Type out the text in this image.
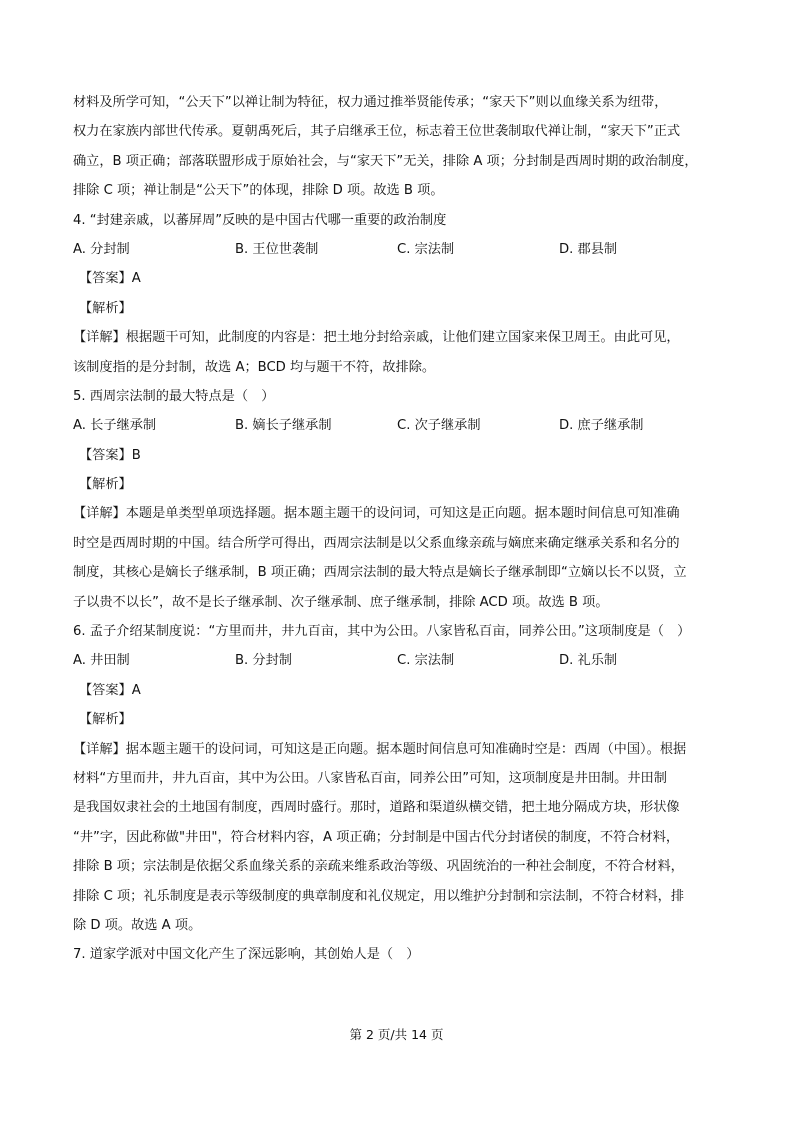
材料及所学可知，“公天下”以禅让制为特征，权力通过推举贤能传承；“家天下”则以血缘关系为纽带，
权力在家族内部世代传承。夏朝禹死后，其子启继承王位，标志着王位世袭制取代禅让制，“家天下”正式
确立，B 项正确；部落联盟形成于原始社会，与“家天下”无关，排除 A 项；分封制是西周时期的政治制度，
排除 C 项；禅让制是“公天下”的体现，排除 D 项。故选 B 项。
4. “封建亲戚，以蕃屏周”反映的是中国古代哪一重要的政治制度
A. 分封制	B. 王位世袭制	C. 宗法制	D. 郡县制
【答案】A
【解析】
【详解】根据题干可知，此制度的内容是：把土地分封给亲戚，让他们建立国家来保卫周王。由此可见，
该制度指的是分封制，故选 A；BCD 均与题干不符，故排除。
5. 西周宗法制的最大特点是（　）
A. 长子继承制	B. 嫡长子继承制	C. 次子继承制	D. 庶子继承制
【答案】B
【解析】
【详解】本题是单类型单项选择题。据本题主题干的设问词，可知这是正向题。据本题时间信息可知准确
时空是西周时期的中国。结合所学可得出，西周宗法制是以父系血缘亲疏与嫡庶来确定继承关系和名分的
制度，其核心是嫡长子继承制，B 项正确；西周宗法制的最大特点是嫡长子继承制即“立嫡以长不以贤，立
子以贵不以长”，故不是长子继承制、次子继承制、庶子继承制，排除 ACD 项。故选 B 项。
6. 孟子介绍某制度说：“方里而井，井九百亩，其中为公田。八家皆私百亩，同养公田。”这项制度是（　）
A. 井田制	B. 分封制	C. 宗法制	D. 礼乐制
【答案】A
【解析】
【详解】据本题主题干的设问词，可知这是正向题。据本题时间信息可知准确时空是：西周（中国）。根据
材料“方里而井，井九百亩，其中为公田。八家皆私百亩，同养公田”可知，这项制度是井田制。井田制
是我国奴隶社会的土地国有制度，西周时盛行。那时，道路和渠道纵横交错，把土地分隔成方块，形状像
“井”字，因此称做"井田"，符合材料内容，A 项正确；分封制是中国古代分封诸侯的制度，不符合材料，
排除 B 项；宗法制是依据父系血缘关系的亲疏来维系政治等级、巩固统治的一种社会制度，不符合材料，
排除 C 项；礼乐制度是表示等级制度的典章制度和礼仪规定，用以维护分封制和宗法制，不符合材料，排
除 D 项。故选 A 项。
7. 道家学派对中国文化产生了深远影响，其创始人是（　）
第 2 页/共 14 页
